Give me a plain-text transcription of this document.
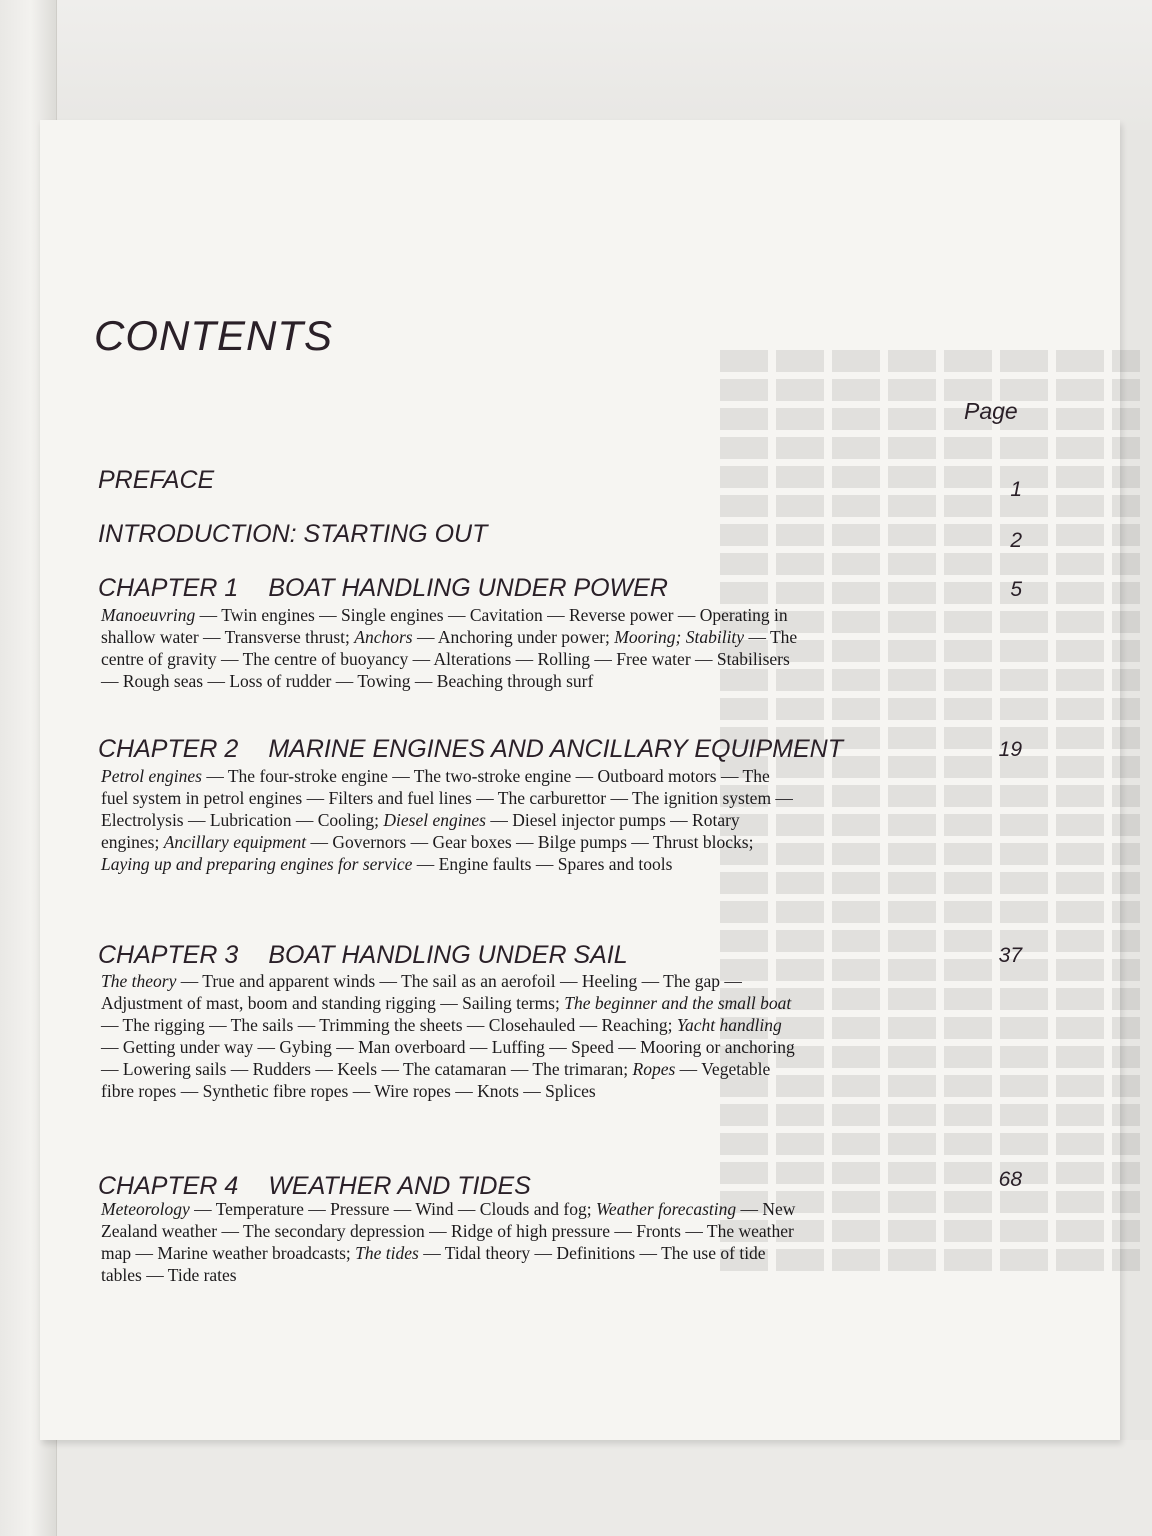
CONTENTS
Page
PREFACE	1
INTRODUCTION: STARTING OUT	2
CHAPTER 1 BOAT HANDLING UNDER POWER	5
Manoeuvring — Twin engines — Single engines — Cavitation — Reverse power — Operating in shallow water — Transverse thrust; Anchors — Anchoring under power; Mooring; Stability — The centre of gravity — The centre of buoyancy — Alterations — Rolling — Free water — Stabilisers — Rough seas — Loss of rudder — Towing — Beaching through surf
CHAPTER 2 MARINE ENGINES AND ANCILLARY EQUIPMENT	19
Petrol engines — The four-stroke engine — The two-stroke engine — Outboard motors — The fuel system in petrol engines — Filters and fuel lines — The carburettor — The ignition system — Electrolysis — Lubrication — Cooling; Diesel engines — Diesel injector pumps — Rotary engines; Ancillary equipment — Governors — Gear boxes — Bilge pumps — Thrust blocks; Laying up and preparing engines for service — Engine faults — Spares and tools
CHAPTER 3 BOAT HANDLING UNDER SAIL	37
The theory — True and apparent winds — The sail as an aerofoil — Heeling — The gap — Adjustment of mast, boom and standing rigging — Sailing terms; The beginner and the small boat — The rigging — The sails — Trimming the sheets — Closehauled — Reaching; Yacht handling — Getting under way — Gybing — Man overboard — Luffing — Speed — Mooring or anchoring — Lowering sails — Rudders — Keels — The catamaran — The trimaran; Ropes — Vegetable fibre ropes — Synthetic fibre ropes — Wire ropes — Knots — Splices
CHAPTER 4 WEATHER AND TIDES	68
Meteorology — Temperature — Pressure — Wind — Clouds and fog; Weather forecasting — New Zealand weather — The secondary depression — Ridge of high pressure — Fronts — The weather map — Marine weather broadcasts; The tides — Tidal theory — Definitions — The use of tide tables — Tide rates
